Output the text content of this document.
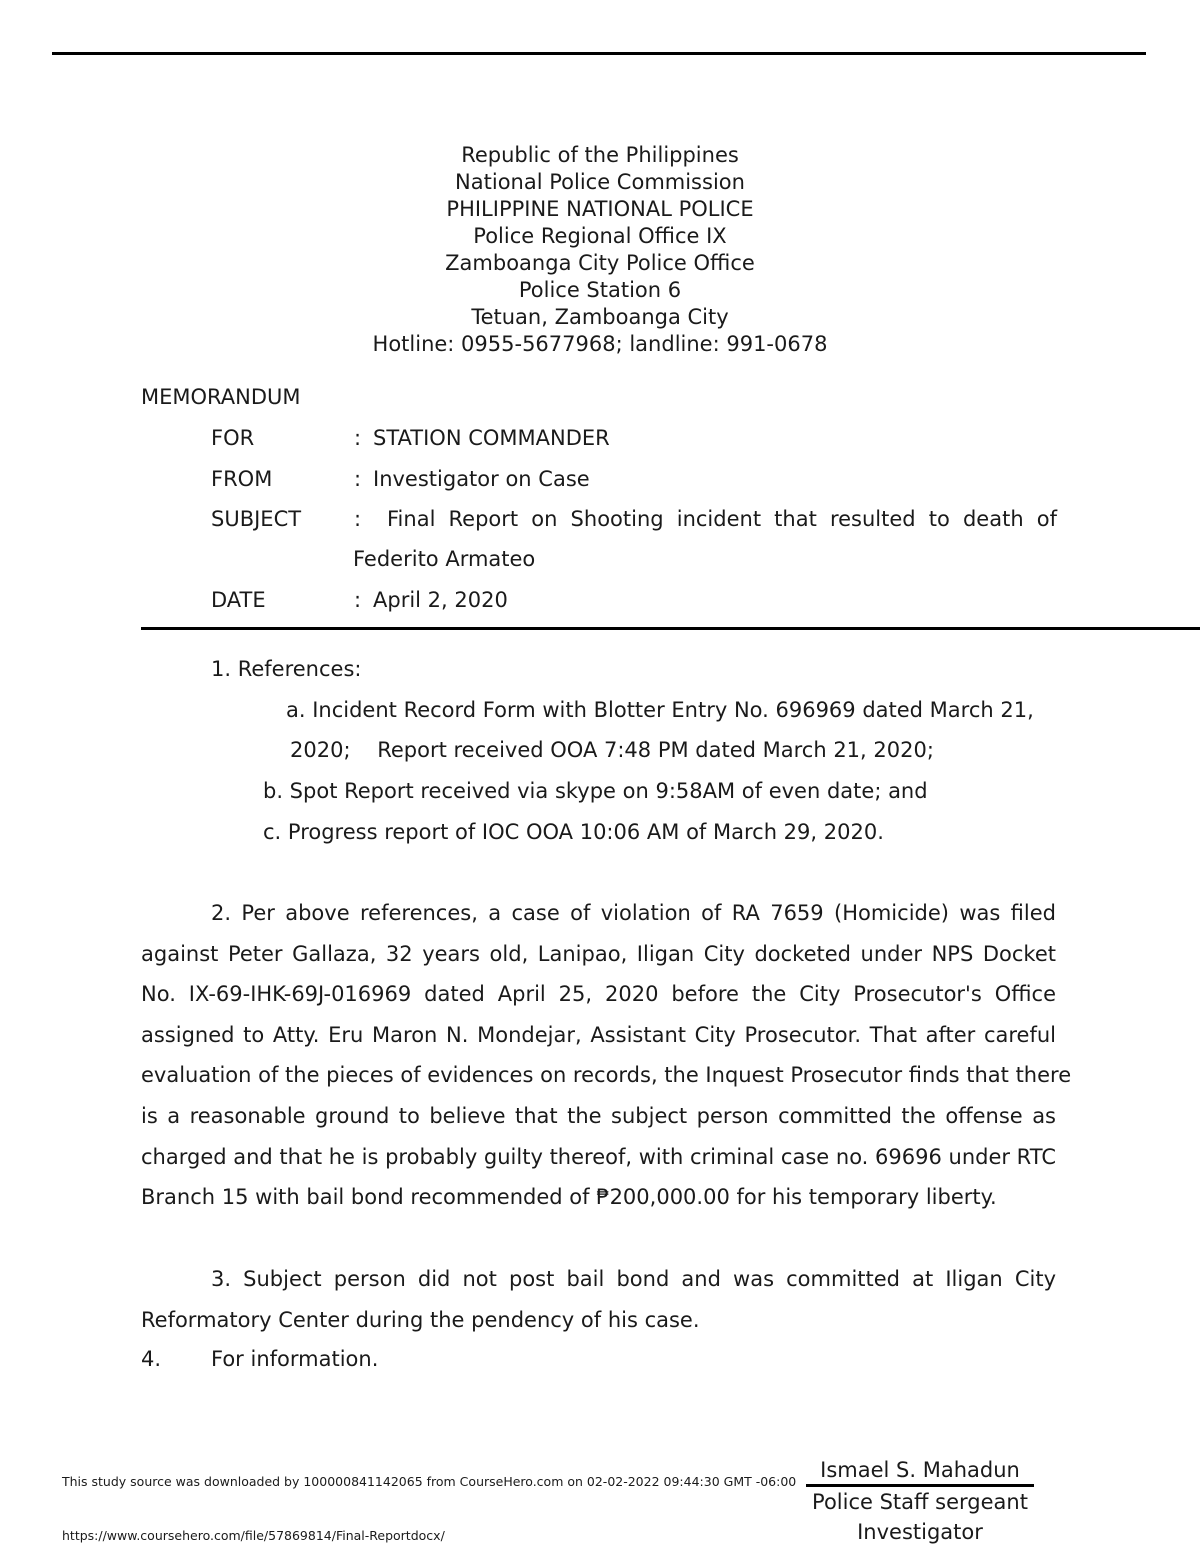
Republic of the Philippines
National Police Commission
PHILIPPINE NATIONAL POLICE
Police Regional Office IX
Zamboanga City Police Office
Police Station 6
Tetuan, Zamboanga City
Hotline: 0955-5677968; landline: 991-0678
MEMORANDUM
FOR	: STATION COMMANDER
FROM	: Investigator on Case
SUBJECT	: Final Report on Shooting incident that resulted to death of
Federito Armateo
DATE	: April 2, 2020
1. References:
a. Incident Record Form with Blotter Entry No. 696969 dated March 21,
2020;    Report received OOA 7:48 PM dated March 21, 2020;
b. Spot Report received via skype on 9:58AM of even date; and
c. Progress report of IOC OOA 10:06 AM of March 29, 2020.
2. Per above references, a case of violation of RA 7659 (Homicide) was filed
against Peter Gallaza, 32 years old, Lanipao, Iligan City docketed under NPS Docket
No. IX-69-IHK-69J-016969 dated April 25, 2020 before the City Prosecutor's Office
assigned to Atty. Eru Maron N. Mondejar, Assistant City Prosecutor. That after careful
evaluation of the pieces of evidences on records, the Inquest Prosecutor finds that there
is a reasonable ground to believe that the subject person committed the offense as
charged and that he is probably guilty thereof, with criminal case no. 69696 under RTC
Branch 15 with bail bond recommended of ₱200,000.00 for his temporary liberty.
3. Subject person did not post bail bond and was committed at Iligan City
Reformatory Center during the pendency of his case.
4. For information.
This study source was downloaded by 100000841142065 from CourseHero.com on 02-02-2022 09:44:30 GMT -06:00	Ismael S. Mahadun
Police Staff sergeant
Investigator
https://www.coursehero.com/file/57869814/Final-Reportdocx/
